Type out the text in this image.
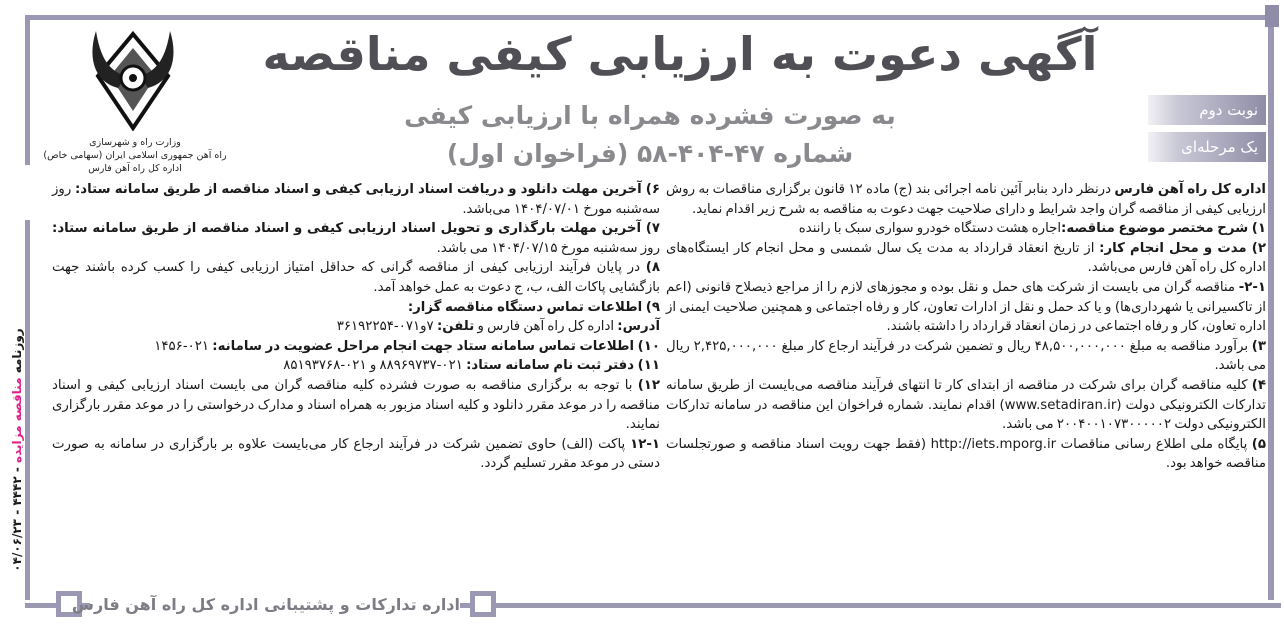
وزارت راه و شهرسازی
راه آهن جمهوری اسلامی ایران (سهامی خاص)
اداره کل راه آهن فارس
آگهی دعوت به ارزیابی کیفی مناقصه
به صورت فشرده همراه با ارزیابی کیفی
شماره ۴۷-۴۰۴-۵۸ (فراخوان اول)
نوبت دوم
یک مرحله‌ای

اداره کل راه آهن فارس درنظر دارد بنابر آئین نامه اجرائی بند (ج) ماده ۱۲ قانون برگزاری مناقصات به روش ارزیابی کیفی از مناقصه گران واجد شرایط و دارای صلاحیت جهت دعوت به مناقصه به شرح زیر اقدام نماید.

۱) شرح مختصر موضوع مناقصه:اجاره هشت دستگاه خودرو سواری سبک با راننده

۲) مدت و محل انجام کار: از تاریخ انعقاد قرارداد به مدت یک سال شمسی و محل انجام کار ایستگاه‌های اداره کل راه آهن فارس می‌باشد.

۲-۱- مناقصه گران می بایست از شرکت های حمل و نقل بوده و مجوزهای لازم را از مراجع ذیصلاح قانونی (اعم از تاکسیرانی یا شهرداری‌ها) و یا کد حمل و نقل از ادارات تعاون، کار و رفاه اجتماعی و همچنین صلاحیت ایمنی از اداره تعاون، کار و رفاه اجتماعی در زمان انعقاد قرارداد را داشته باشند.

۳) برآورد مناقصه به مبلغ ۴۸,۵۰۰,۰۰۰,۰۰۰ ریال و تضمین شرکت در فرآیند ارجاع کار مبلغ ۲,۴۲۵,۰۰۰,۰۰۰ ریال می باشد.

۴) کلیه مناقصه گران برای شرکت در مناقصه از ابتدای کار تا انتهای فرآیند مناقصه می‌بایست از طریق سامانه تدارکات الکترونیکی دولت (www.setadiran.ir) اقدام نمایند. شماره فراخوان این مناقصه در سامانه تدارکات الکترونیکی دولت ۲۰۰۴۰۰۱۰۷۳۰۰۰۰۰۲ می باشد.

۵) پایگاه ملی اطلاع رسانی مناقصات http://iets.mporg.ir (فقط جهت رویت اسناد مناقصه و صورتجلسات مناقصه خواهد بود.

۶) آخرین مهلت دانلود و دریافت اسناد ارزیابی کیفی و اسناد مناقصه از طریق سامانه ستاد: روز سه‌شنبه مورخ ۱۴۰۴/۰۷/۰۱ می‌باشد.

۷) آخرین مهلت بارگذاری و تحویل اسناد ارزیابی کیفی و اسناد مناقصه از طریق سامانه ستاد: روز سه‌شنبه مورخ ۱۴۰۴/۰۷/۱۵ می باشد.

۸) در پایان فرآیند ارزیابی کیفی از مناقصه گرانی که حداقل امتیاز ارزیابی کیفی را کسب کرده باشند جهت بازگشایی پاکات الف، ب، ج دعوت به عمل خواهد آمد.

۹) اطلاعات تماس دستگاه مناقصه گزار:

آدرس: اداره کل راه آهن فارس و تلفن: ۷و۰۷۱-۳۶۱۹۲۲۵۴

۱۰) اطلاعات تماس سامانه ستاد جهت انجام مراحل عضویت در سامانه: ۰۲۱-۱۴۵۶

۱۱) دفتر ثبت نام سامانه ستاد: ۰۲۱-۸۸۹۶۹۷۳۷ و ۰۲۱-۸۵۱۹۳۷۶۸

۱۲) با توجه به برگزاری مناقصه به صورت فشرده کلیه مناقصه گران می بایست اسناد ارزیابی کیفی و اسناد مناقصه را در موعد مقرر دانلود و کلیه اسناد مزبور به همراه اسناد و مدارک درخواستی را در موعد مقرر بارگزاری نمایند.

۱۲-۱ پاکت (الف) حاوی تضمین شرکت در فرآیند ارجاع کار می‌بایست علاوه بر بارگزاری در سامانه به صورت دستی در موعد مقرر تسلیم گردد.

روزنامه مناقصه مزایده - ۴۴۴۲ - ۰۴/۰۶/۲۳
اداره تدارکات و پشتیبانی اداره کل راه آهن فارس
